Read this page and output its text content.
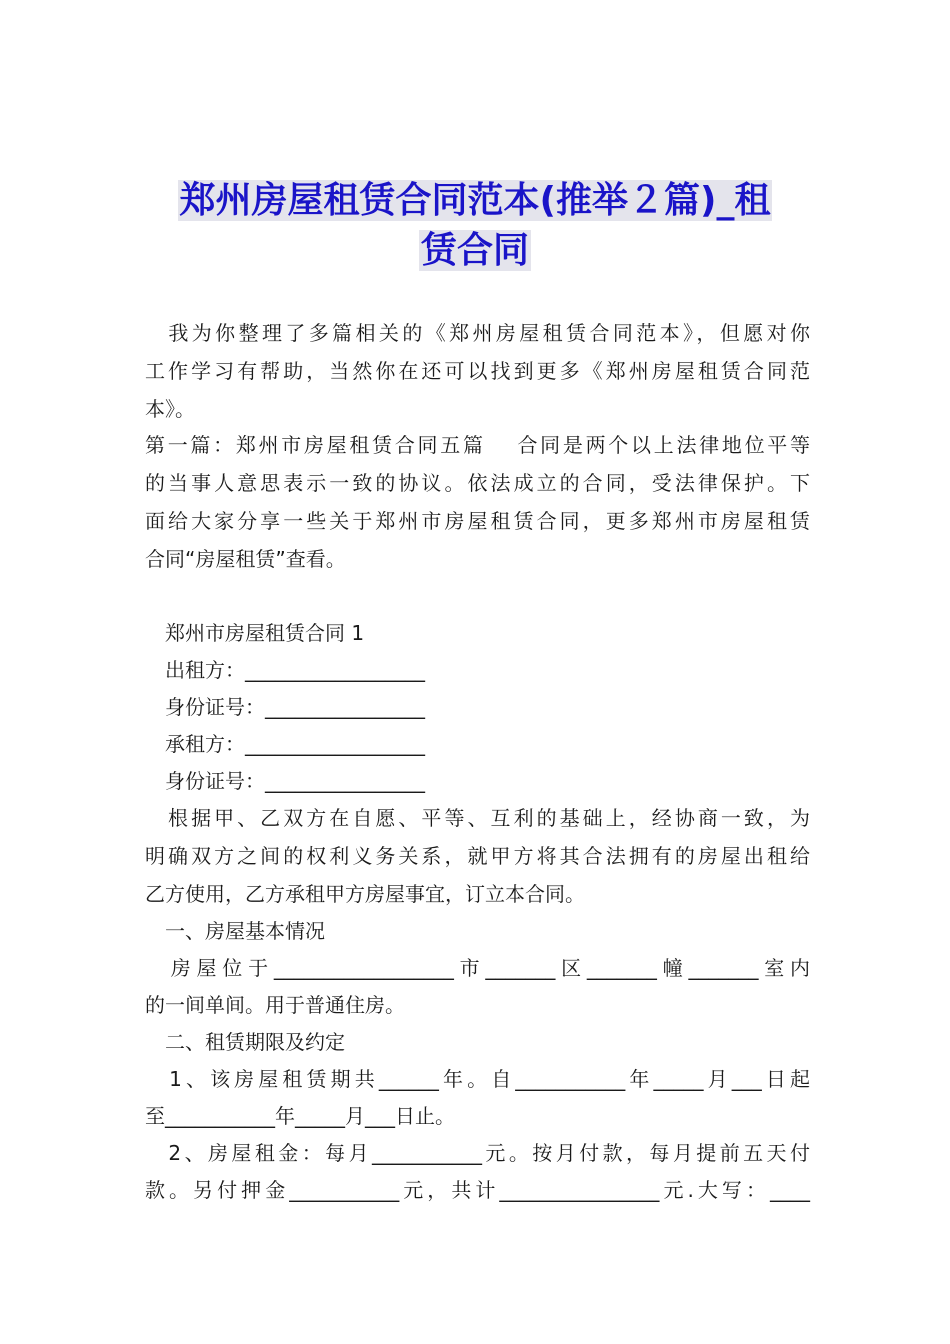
郑州房屋租赁合同范本(推举２篇)_租
赁合同

　我为你整理了多篇相关的《郑州房屋租赁合同范本》，但愿对你

工作学习有帮助，当然你在还可以找到更多《郑州房屋租赁合同范

本》。

第一篇：郑州市房屋租赁合同五篇　 合同是两个以上法律地位平等

的当事人意思表示一致的协议。依法成立的合同，受法律保护。下

面给大家分享一些关于郑州市房屋租赁合同，更多郑州市房屋租赁

合同“房屋租赁”查看。

　郑州市房屋租赁合同 1

　出租方：__________________

　身份证号：________________

　承租方：__________________

　身份证号：________________

　根据甲、乙双方在自愿、平等、互利的基础上，经协商一致，为

明确双方之间的权利义务关系，就甲方将其合法拥有的房屋出租给

乙方使用，乙方承租甲方房屋事宜，订立本合同。

　一、房屋基本情况

　房屋位于__________________市_______区_______幢_______室内

的一间单间。用于普通住房。

　二、租赁期限及约定

　1、该房屋租赁期共______年。自___________年_____月___日起

至___________年_____月___日止。

　2、房屋租金：每月___________元。按月付款，每月提前五天付

款。另付押金___________元，共计________________元.大写：____
